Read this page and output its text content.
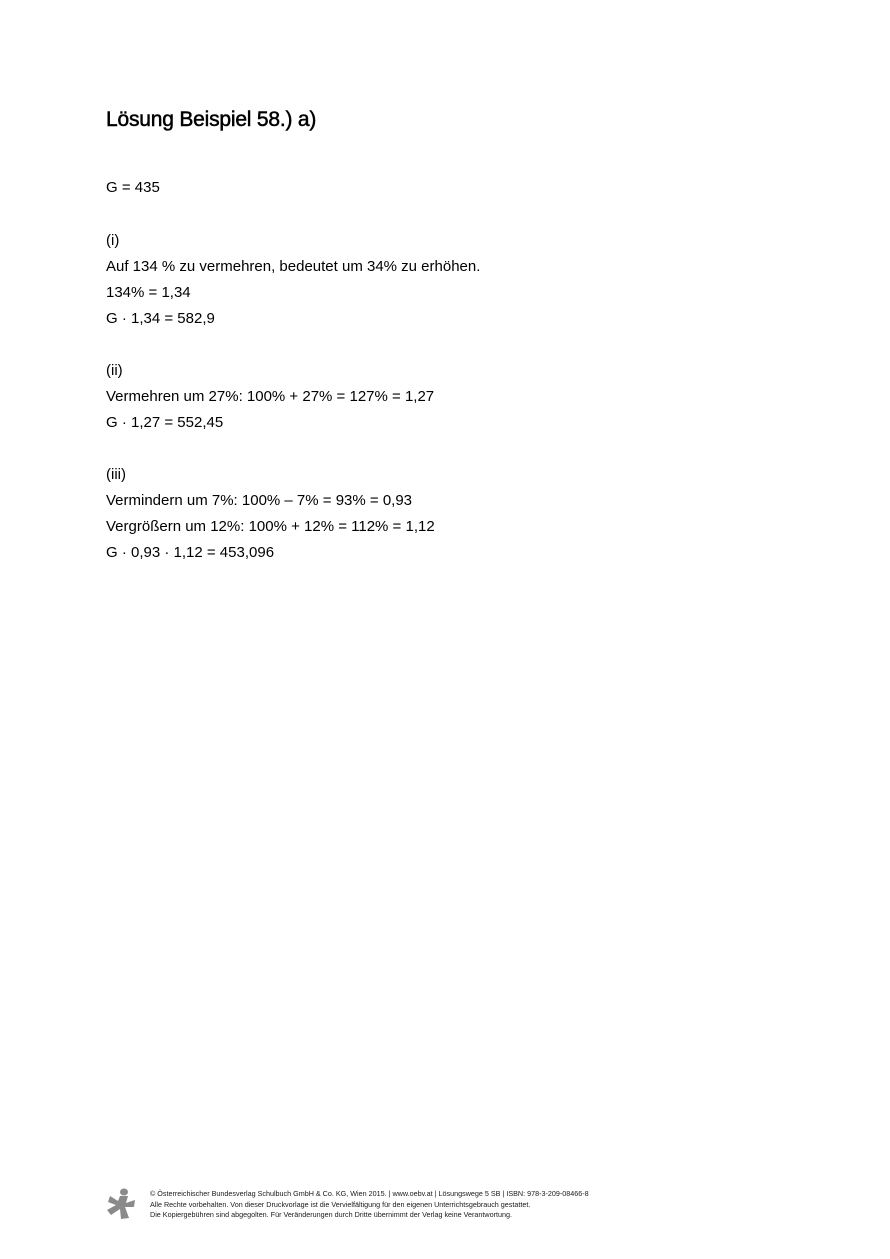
Lösung Beispiel 58.) a)

G = 435

(i)

Auf 134 % zu vermehren, bedeutet um 34% zu erhöhen.

134% = 1,34

G · 1,34 = 582,9

(ii)

Vermehren um 27%: 100% + 27% = 127% = 1,27

G · 1,27 = 552,45

(iii)

Vermindern um 7%: 100% – 7% = 93% = 0,93

Vergrößern um 12%: 100% + 12% = 112% = 1,12

G · 0,93 · 1,12 = 453,096

© Österreichischer Bundesverlag Schulbuch GmbH & Co. KG, Wien 2015. | www.oebv.at | Lösungswege 5 SB | ISBN: 978-3-209-08466-8
Alle Rechte vorbehalten. Von dieser Druckvorlage ist die Vervielfältigung für den eigenen Unterrichtsgebrauch gestattet.
Die Kopiergebühren sind abgegolten. Für Veränderungen durch Dritte übernimmt der Verlag keine Verantwortung.
